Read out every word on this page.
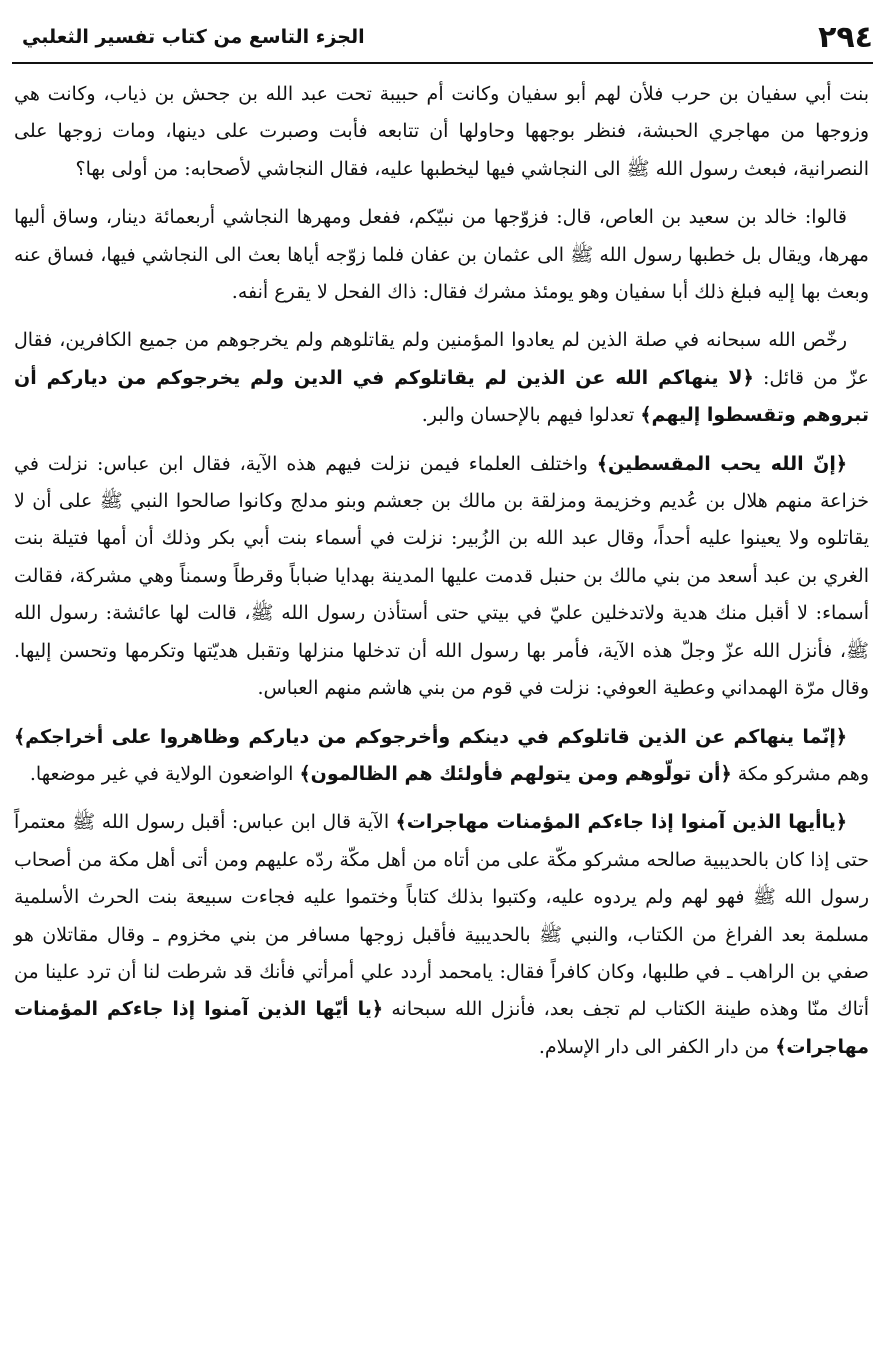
٢٩٤
الجزء التاسع من كتاب تفسير الثعلبي

بنت أبي سفيان بن حرب فلأن لهم أبو سفيان وكانت أم حبيبة تحت عبد الله بن جحش بن ذياب، وكانت هي وزوجها من مهاجري الحبشة، فنظر بوجهها وحاولها أن تتابعه فأبت وصبرت على دينها، ومات زوجها على النصرانية، فبعث رسول الله ﷺ الى النجاشي فيها ليخطبها عليه، فقال النجاشي لأصحابه: من أولى بها؟

قالوا: خالد بن سعيد بن العاص، قال: فزوّجها من نبيّكم، ففعل ومهرها النجاشي أربعمائة دينار، وساق أليها مهرها، ويقال بل خطبها رسول الله ﷺ الى عثمان بن عفان فلما زوّجه أياها بعث الى النجاشي فيها، فساق عنه وبعث بها إليه فبلغ ذلك أبا سفيان وهو يومئذ مشرك فقال: ذاك الفحل لا يقرع أنفه.

رخّص الله سبحانه في صلة الذين لم يعادوا المؤمنين ولم يقاتلوهم ولم يخرجوهم من جميع الكافرين، فقال عزّ من قائل: ﴿لا ينهاكم الله عن الذين لم يقاتلوكم في الدين ولم يخرجوكم من دياركم أن تبروهم وتقسطوا إليهم﴾ تعدلوا فيهم بالإحسان والبر.

﴿إنّ الله يحب المقسطين﴾ واختلف العلماء فيمن نزلت فيهم هذه الآية، فقال ابن عباس: نزلت في خزاعة منهم هلال بن عُديم وخزيمة ومزلقة بن مالك بن جعشم وبنو مدلج وكانوا صالحوا النبي ﷺ على أن لا يقاتلوه ولا يعينوا عليه أحداً، وقال عبد الله بن الزُبير: نزلت في أسماء بنت أبي بكر وذلك أن أمها فتيلة بنت الغري بن عبد أسعد من بني مالك بن حنبل قدمت عليها المدينة بهدايا ضباباً وقرطاً وسمناً وهي مشركة، فقالت أسماء: لا أقبل منك هدية ولاتدخلين عليّ في بيتي حتى أستأذن رسول الله ﷺ، قالت لها عائشة: رسول الله ﷺ، فأنزل الله عزّ وجلّ هذه الآية، فأمر بها رسول الله أن تدخلها منزلها وتقبل هديّتها وتكرمها وتحسن إليها. وقال مرّة الهمداني وعطية العوفي: نزلت في قوم من بني هاشم منهم العباس.

﴿إنّما ينهاكم عن الذين قاتلوكم في دينكم وأخرجوكم من دياركم وظاهروا على أخراجكم﴾ وهم مشركو مكة ﴿أن تولّوهم ومن يتولهم فأولئك هم الظالمون﴾ الواضعون الولاية في غير موضعها.

﴿ياأيها الذين آمنوا إذا جاءكم المؤمنات مهاجرات﴾ الآية قال ابن عباس: أقبل رسول الله ﷺ معتمراً حتى إذا كان بالحديبية صالحه مشركو مكّة على من أتاه من أهل مكّة ردّه عليهم ومن أتى أهل مكة من أصحاب رسول الله ﷺ فهو لهم ولم يردوه عليه، وكتبوا بذلك كتاباً وختموا عليه فجاءت سبيعة بنت الحرث الأسلمية مسلمة بعد الفراغ من الكتاب، والنبي ﷺ بالحديبية فأقبل زوجها مسافر من بني مخزوم ـ وقال مقاتلان هو صفي بن الراهب ـ في طلبها، وكان كافراً فقال: يامحمد أردد علي أمرأتي فأنك قد شرطت لنا أن ترد علينا من أتاك منّا وهذه طينة الكتاب لم تجف بعد، فأنزل الله سبحانه ﴿يا أيّها الذين آمنوا إذا جاءكم المؤمنات مهاجرات﴾ من دار الكفر الى دار الإسلام.
